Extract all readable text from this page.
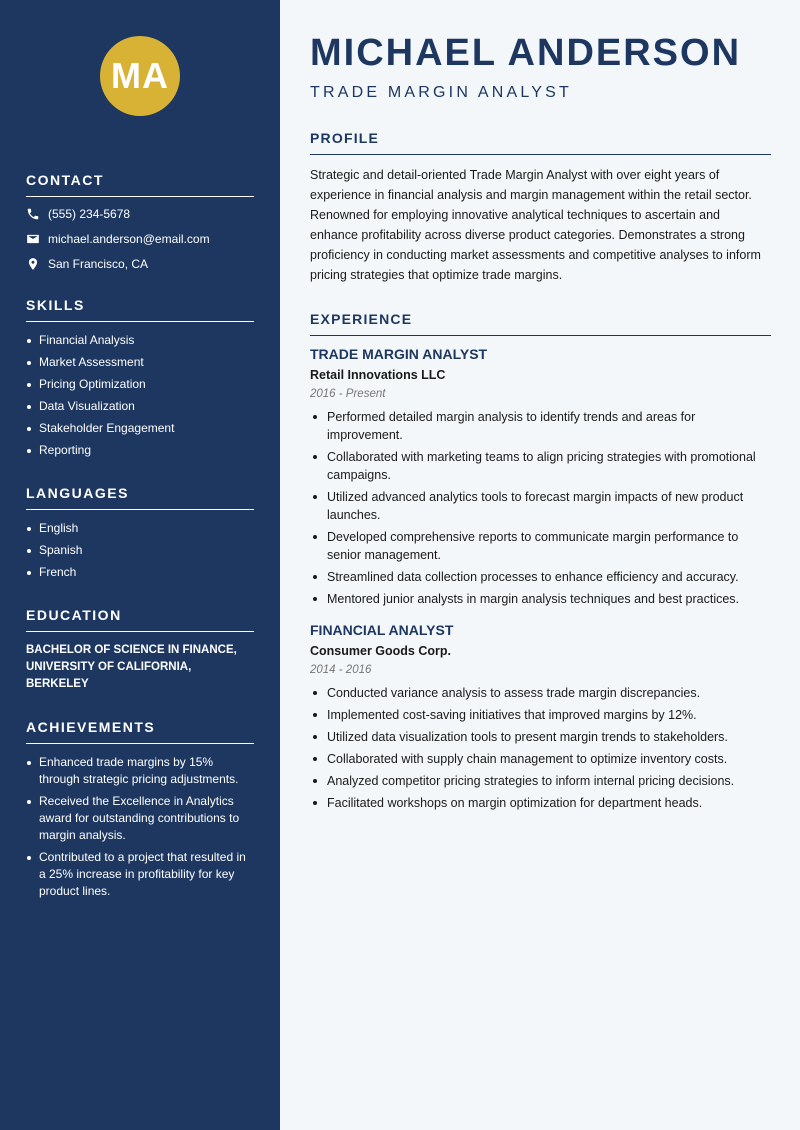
MA
CONTACT
(555) 234-5678
michael.anderson@email.com
San Francisco, CA
SKILLS
Financial Analysis
Market Assessment
Pricing Optimization
Data Visualization
Stakeholder Engagement
Reporting
LANGUAGES
English
Spanish
French
EDUCATION
BACHELOR OF SCIENCE IN FINANCE,
UNIVERSITY OF CALIFORNIA, BERKELEY
ACHIEVEMENTS
Enhanced trade margins by 15% through strategic pricing adjustments.
Received the Excellence in Analytics award for outstanding contributions to margin analysis.
Contributed to a project that resulted in a 25% increase in profitability for key product lines.
MICHAEL ANDERSON
TRADE MARGIN ANALYST
PROFILE

Strategic and detail-oriented Trade Margin Analyst with over eight years of experience in financial analysis and margin management within the retail sector. Renowned for employing innovative analytical techniques to ascertain and enhance profitability across diverse product categories. Demonstrates a strong proficiency in conducting market assessments and competitive analyses to inform pricing strategies that optimize trade margins.

EXPERIENCE
TRADE MARGIN ANALYST
Retail Innovations LLC
2016 - Present
Performed detailed margin analysis to identify trends and areas for improvement.
Collaborated with marketing teams to align pricing strategies with promotional campaigns.
Utilized advanced analytics tools to forecast margin impacts of new product launches.
Developed comprehensive reports to communicate margin performance to senior management.
Streamlined data collection processes to enhance efficiency and accuracy.
Mentored junior analysts in margin analysis techniques and best practices.
FINANCIAL ANALYST
Consumer Goods Corp.
2014 - 2016
Conducted variance analysis to assess trade margin discrepancies.
Implemented cost-saving initiatives that improved margins by 12%.
Utilized data visualization tools to present margin trends to stakeholders.
Collaborated with supply chain management to optimize inventory costs.
Analyzed competitor pricing strategies to inform internal pricing decisions.
Facilitated workshops on margin optimization for department heads.
